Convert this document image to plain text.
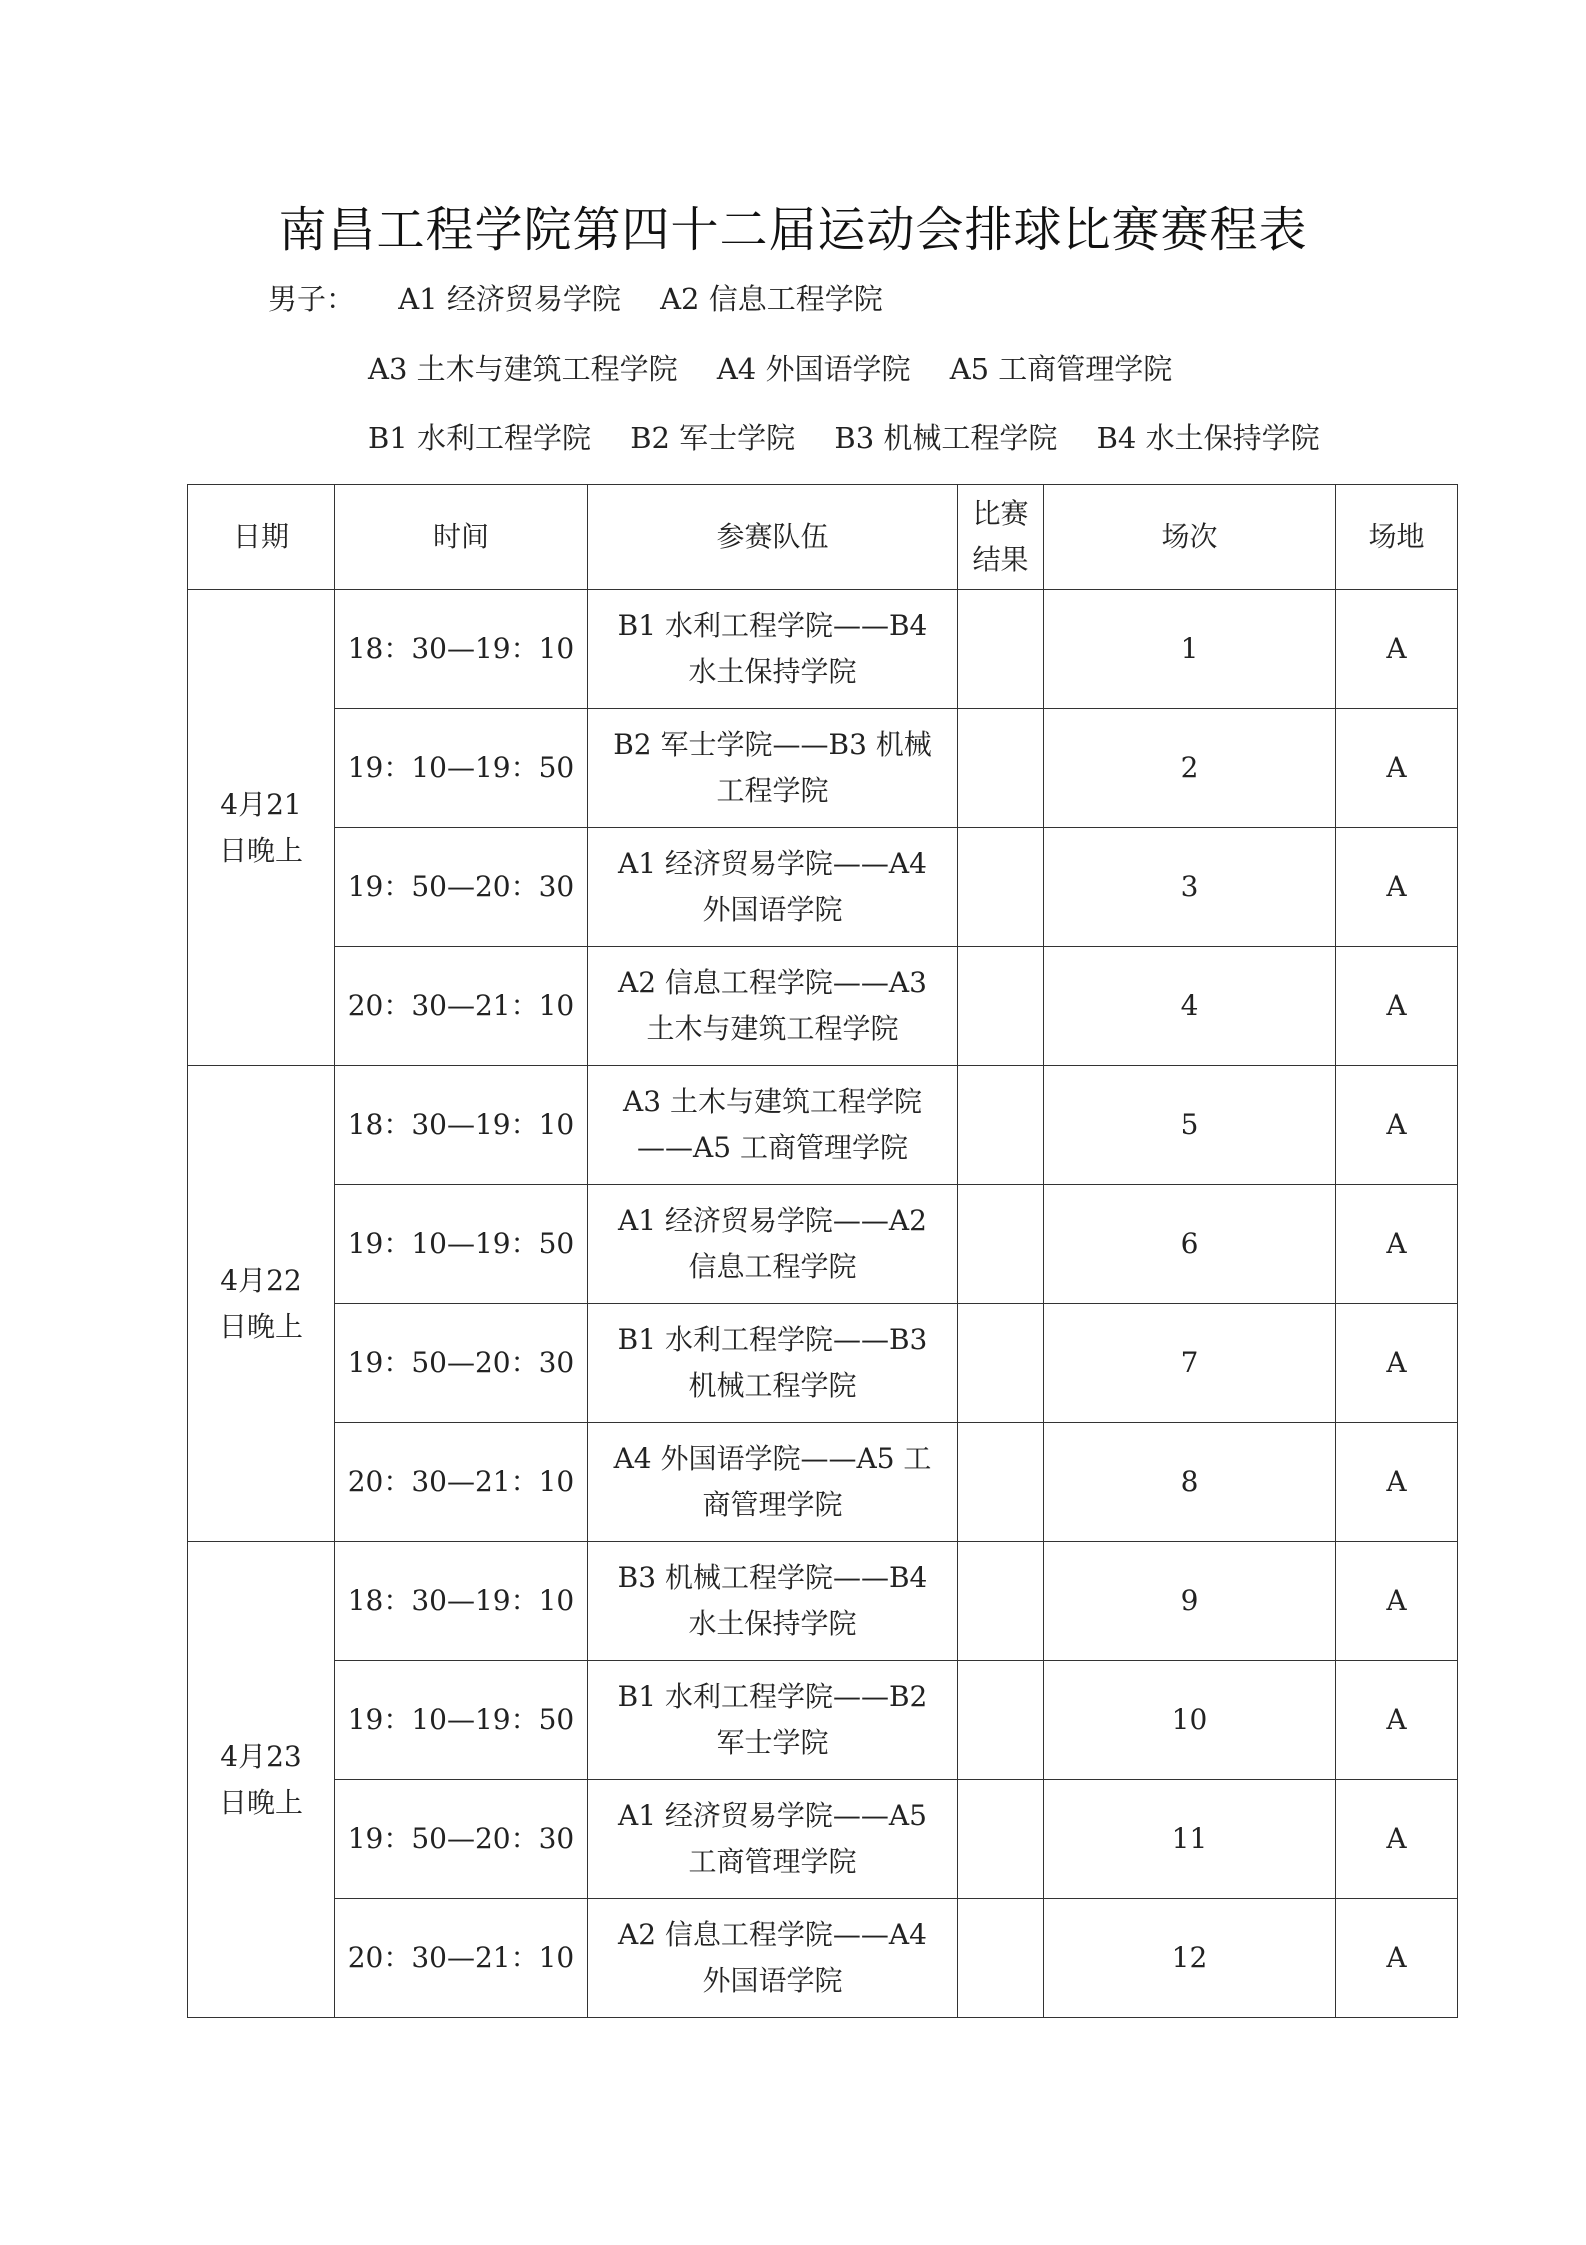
南昌工程学院第四十二届运动会排球比赛赛程表
男子： A1 经济贸易学院 A2 信息工程学院
A3 土木与建筑工程学院 A4 外国语学院 A5 工商管理学院
B1 水利工程学院 B2 军士学院 B3 机械工程学院 B4 水土保持学院
日期	时间	参赛队伍	比赛结果	场次	场地

4月21日晚上	18：30—19：10	B1 水利工程学院——B4 水土保持学院		1	A
	19：10—19：50	B2 军士学院——B3 机械工程学院		2	A
	19：50—20：30	A1 经济贸易学院——A4 外国语学院		3	A
	20：30—21：10	A2 信息工程学院——A3 土木与建筑工程学院		4	A

4月22日晚上	18：30—19：10	A3 土木与建筑工程学院——A5 工商管理学院		5	A
	19：10—19：50	A1 经济贸易学院——A2 信息工程学院		6	A
	19：50—20：30	B1 水利工程学院——B3 机械工程学院		7	A
	20：30—21：10	A4 外国语学院——A5 工商管理学院		8	A

4月23日晚上	18：30—19：10	B3 机械工程学院——B4 水土保持学院		9	A
	19：10—19：50	B1 水利工程学院——B2 军士学院		10	A
	19：50—20：30	A1 经济贸易学院——A5 工商管理学院		11	A
	20：30—21：10	A2 信息工程学院——A4 外国语学院		12	A
